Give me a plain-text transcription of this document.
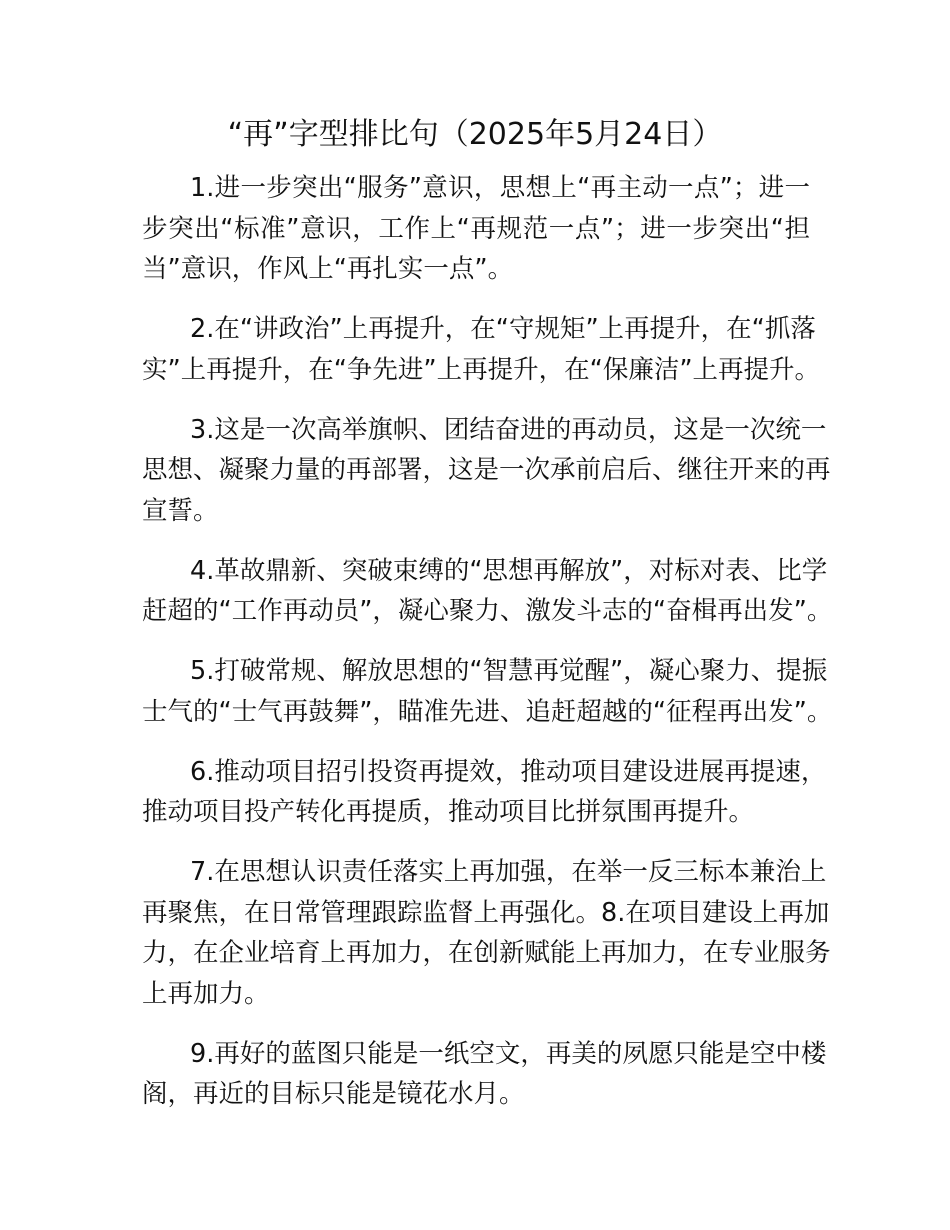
“再”字型排比句（2025年5月24日）
1.进一步突出“服务”意识，思想上“再主动一点”；进一
步突出“标准”意识，工作上“再规范一点”；进一步突出“担
当”意识，作风上“再扎实一点”。
2.在“讲政治”上再提升，在“守规矩”上再提升，在“抓落
实”上再提升，在“争先进”上再提升，在“保廉洁”上再提升。
3.这是一次高举旗帜、团结奋进的再动员，这是一次统一
思想、凝聚力量的再部署，这是一次承前启后、继往开来的再
宣誓。
4.革故鼎新、突破束缚的“思想再解放”，对标对表、比学
赶超的“工作再动员”，凝心聚力、激发斗志的“奋楫再出发”。
5.打破常规、解放思想的“智慧再觉醒”，凝心聚力、提振
士气的“士气再鼓舞”，瞄准先进、追赶超越的“征程再出发”。
6.推动项目招引投资再提效，推动项目建设进展再提速，
推动项目投产转化再提质，推动项目比拼氛围再提升。
7.在思想认识责任落实上再加强，在举一反三标本兼治上
再聚焦，在日常管理跟踪监督上再强化。8.在项目建设上再加
力，在企业培育上再加力，在创新赋能上再加力，在专业服务
上再加力。
9.再好的蓝图只能是一纸空文，再美的夙愿只能是空中楼
阁，再近的目标只能是镜花水月。
